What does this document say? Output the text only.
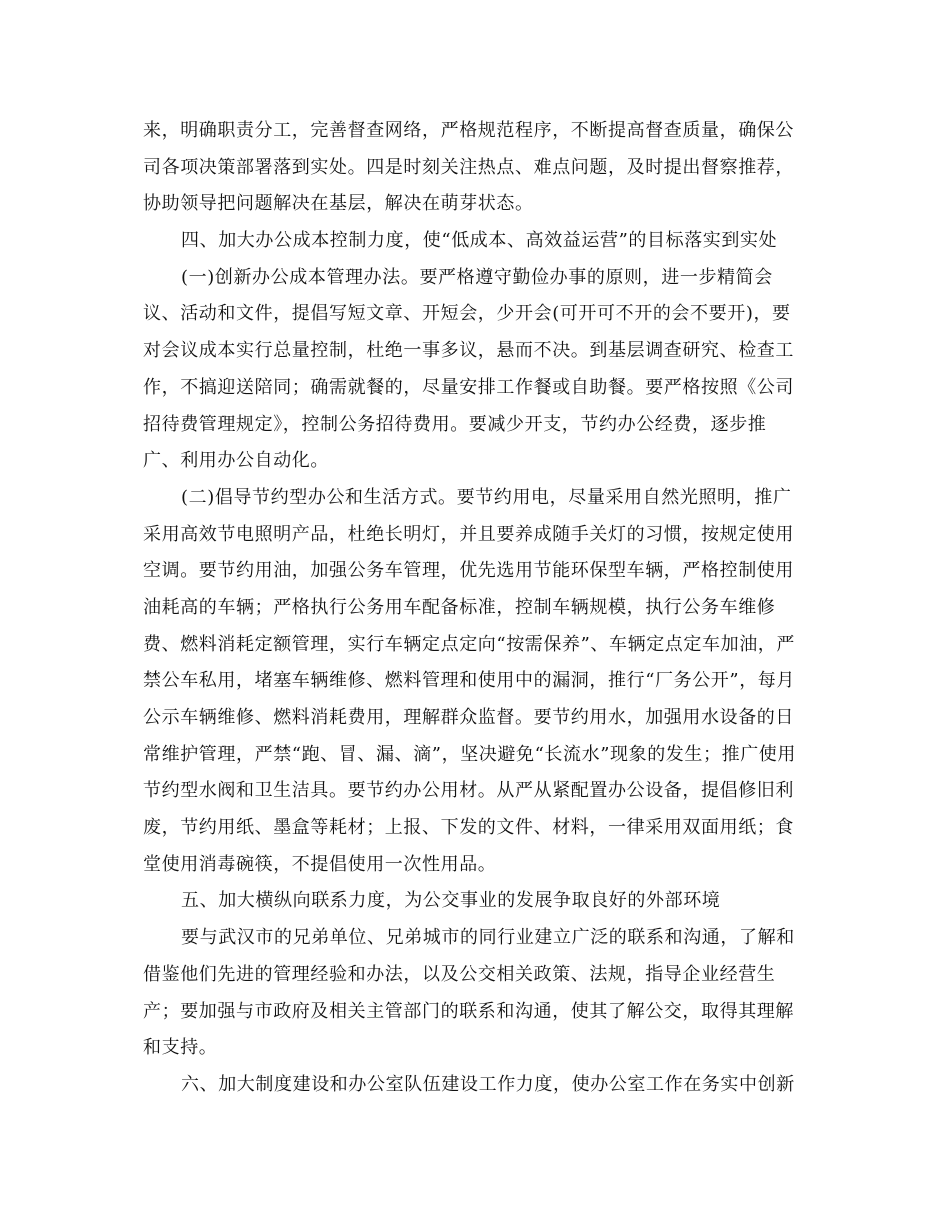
来，明确职责分工，完善督查网络，严格规范程序，不断提高督查质量，确保公
司各项决策部署落到实处。四是时刻关注热点、难点问题，及时提出督察推荐，
协助领导把问题解决在基层，解决在萌芽状态。
四、加大办公成本控制力度，使“低成本、高效益运营”的目标落实到实处
(一)创新办公成本管理办法。要严格遵守勤俭办事的原则，进一步精简会
议、活动和文件，提倡写短文章、开短会，少开会(可开可不开的会不要开)，要
对会议成本实行总量控制，杜绝一事多议，悬而不决。到基层调查研究、检查工
作，不搞迎送陪同；确需就餐的，尽量安排工作餐或自助餐。要严格按照《公司
招待费管理规定》，控制公务招待费用。要减少开支，节约办公经费，逐步推
广、利用办公自动化。
(二)倡导节约型办公和生活方式。要节约用电，尽量采用自然光照明，推广
采用高效节电照明产品，杜绝长明灯，并且要养成随手关灯的习惯，按规定使用
空调。要节约用油，加强公务车管理，优先选用节能环保型车辆，严格控制使用
油耗高的车辆；严格执行公务用车配备标准，控制车辆规模，执行公务车维修
费、燃料消耗定额管理，实行车辆定点定向“按需保养”、车辆定点定车加油，严
禁公车私用，堵塞车辆维修、燃料管理和使用中的漏洞，推行“厂务公开”，每月
公示车辆维修、燃料消耗费用，理解群众监督。要节约用水，加强用水设备的日
常维护管理，严禁“跑、冒、漏、滴”，坚决避免“长流水”现象的发生；推广使用
节约型水阀和卫生洁具。要节约办公用材。从严从紧配置办公设备，提倡修旧利
废，节约用纸、墨盒等耗材；上报、下发的文件、材料，一律采用双面用纸；食
堂使用消毒碗筷，不提倡使用一次性用品。
五、加大横纵向联系力度，为公交事业的发展争取良好的外部环境
要与武汉市的兄弟单位、兄弟城市的同行业建立广泛的联系和沟通，了解和
借鉴他们先进的管理经验和办法，以及公交相关政策、法规，指导企业经营生
产；要加强与市政府及相关主管部门的联系和沟通，使其了解公交，取得其理解
和支持。
六、加大制度建设和办公室队伍建设工作力度，使办公室工作在务实中创新
